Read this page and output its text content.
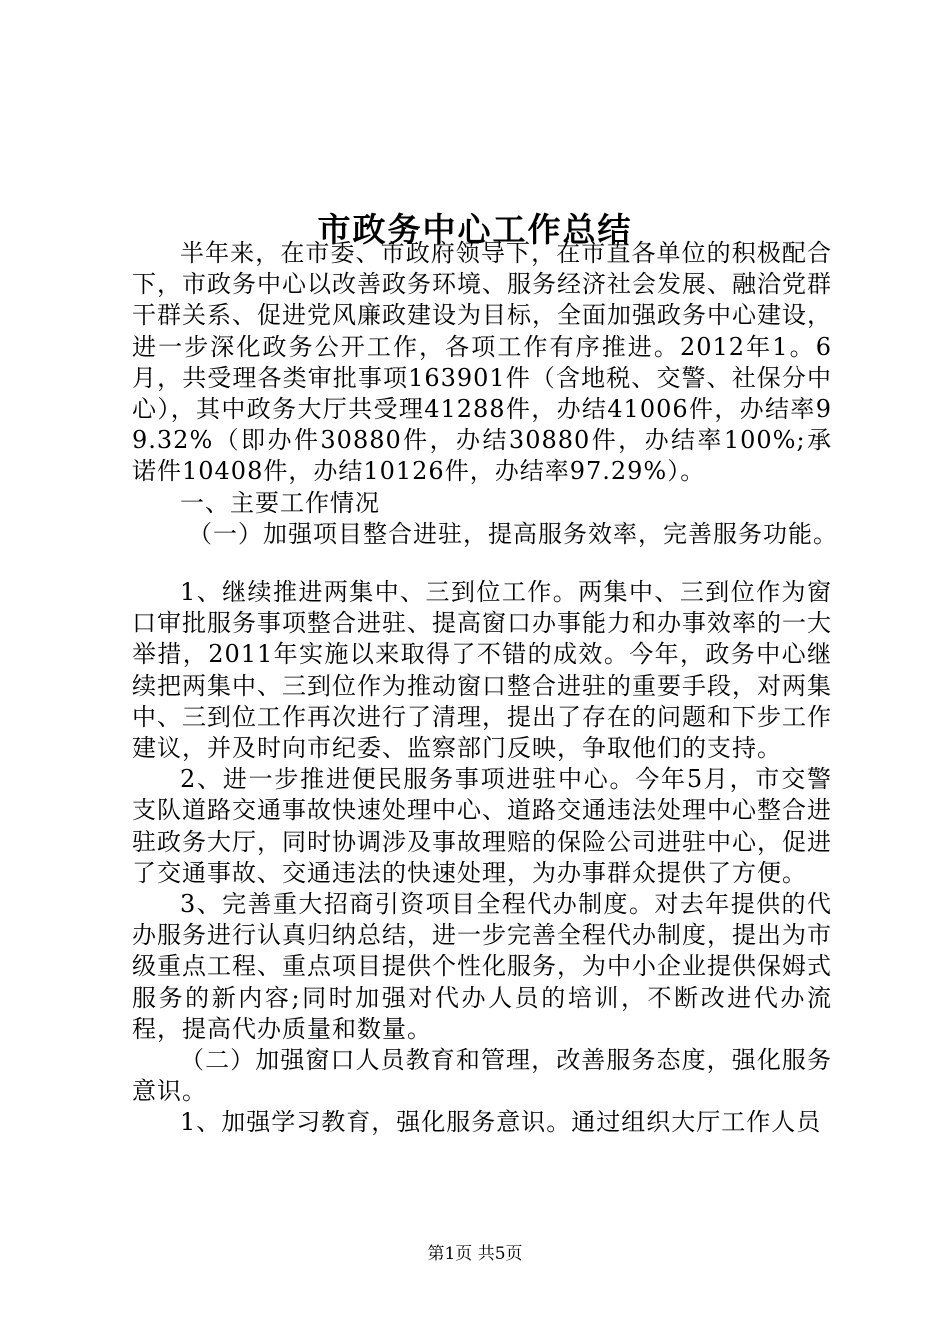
市政务中心工作总结

半年来，在市委、市政府领导下，在市直各单位的积极配合下，市政务中心以改善政务环境、服务经济社会发展、融洽党群干群关系、促进党风廉政建设为目标，全面加强政务中心建设，进一步深化政务公开工作，各项工作有序推进。2012年1。6月，共受理各类审批事项163901件（含地税、交警、社保分中心），其中政务大厅共受理41288件，办结41006件，办结率99.32%（即办件30880件，办结30880件，办结率100%;承诺件10408件，办结10126件，办结率97.29%）。

一、主要工作情况

（一）加强项目整合进驻，提高服务效率，完善服务功能。

1、继续推进两集中、三到位工作。两集中、三到位作为窗口审批服务事项整合进驻、提高窗口办事能力和办事效率的一大举措，2011年实施以来取得了不错的成效。今年，政务中心继续把两集中、三到位作为推动窗口整合进驻的重要手段，对两集中、三到位工作再次进行了清理，提出了存在的问题和下步工作建议，并及时向市纪委、监察部门反映，争取他们的支持。

2、进一步推进便民服务事项进驻中心。今年5月，市交警支队道路交通事故快速处理中心、道路交通违法处理中心整合进驻政务大厅，同时协调涉及事故理赔的保险公司进驻中心，促进了交通事故、交通违法的快速处理，为办事群众提供了方便。

3、完善重大招商引资项目全程代办制度。对去年提供的代办服务进行认真归纳总结，进一步完善全程代办制度，提出为市级重点工程、重点项目提供个性化服务，为中小企业提供保姆式服务的新内容;同时加强对代办人员的培训，不断改进代办流程，提高代办质量和数量。

（二）加强窗口人员教育和管理，改善服务态度，强化服务意识。

1、加强学习教育，强化服务意识。通过组织大厅工作人员

第1页 共5页
